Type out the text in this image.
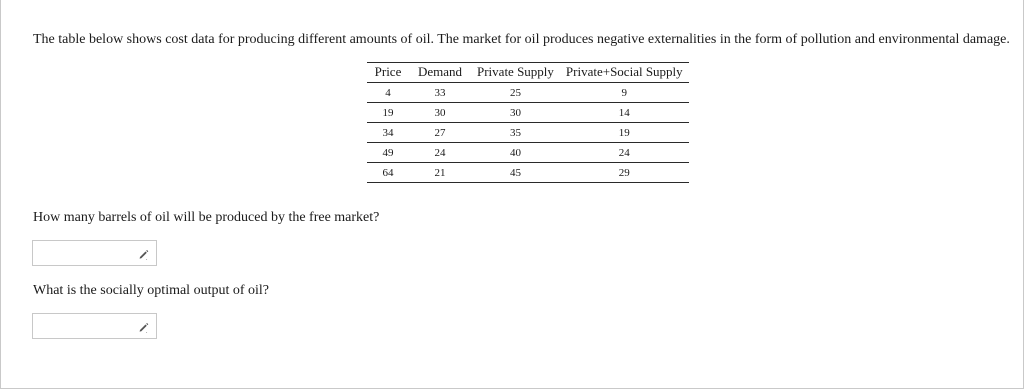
The table below shows cost data for producing different amounts of oil. The market for oil produces negative externalities in the form of pollution and environmental damage.
Price	Demand	Private Supply	Private+Social Supply
4	33	25	9
19	30	30	14
34	27	35	19
49	24	40	24
64	21	45	29
How many barrels of oil will be produced by the free market?
What is the socially optimal output of oil?
